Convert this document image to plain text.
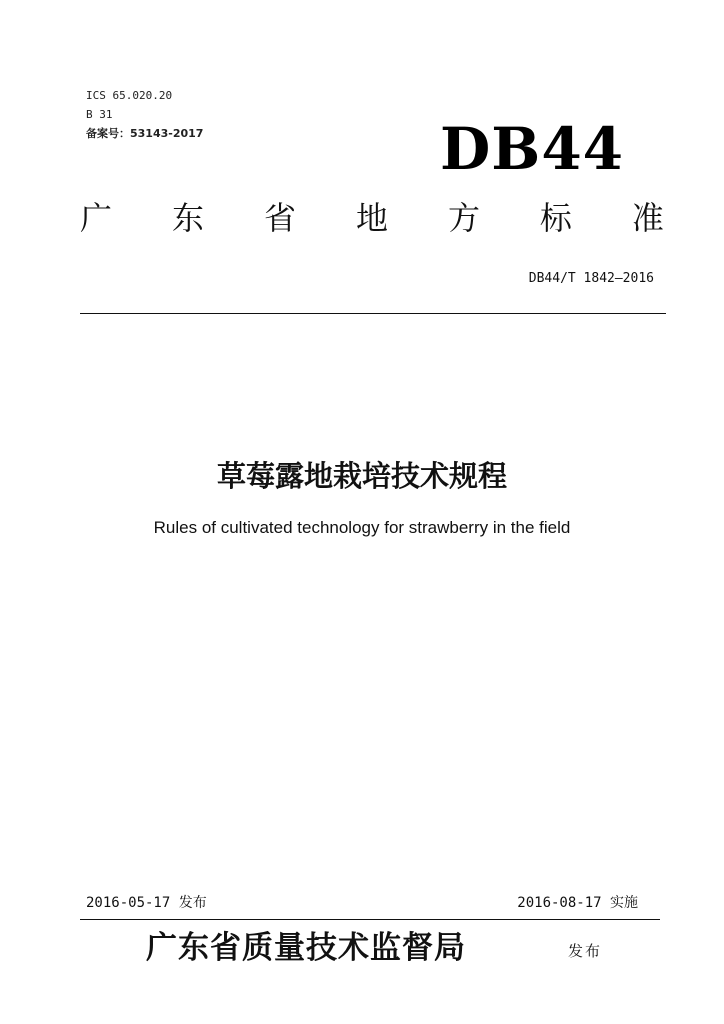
ICS 65.020.20
B 31
备案号：53143-2017	DB44
广 东 省 地 方 标 准
DB44/T 1842—2016
草莓露地栽培技术规程
Rules of cultivated technology for strawberry in the field
2016-05-17 发布	2016-08-17 实施
广东省质量技术监督局	发布
